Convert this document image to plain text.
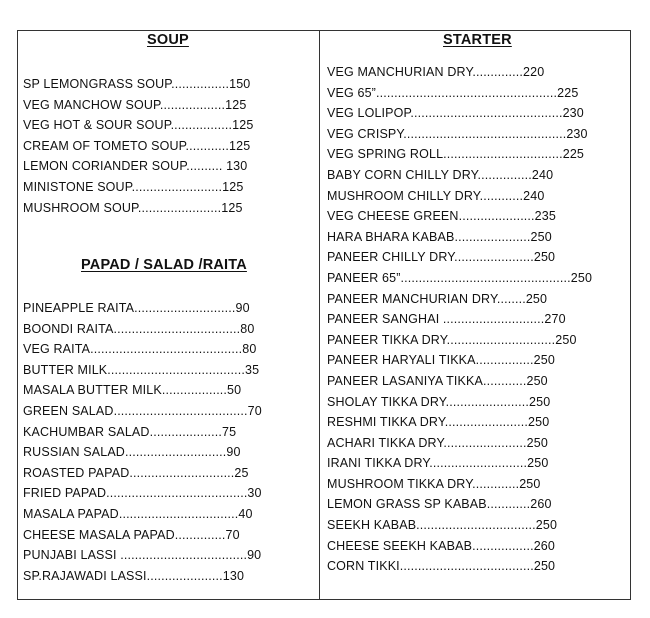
SOUP
SP LEMONGRASS SOUP................150
VEG MANCHOW SOUP..................125
VEG HOT & SOUR SOUP.................125
CREAM OF TOMETO SOUP............125
LEMON CORIANDER SOUP.......... 130
MINISTONE SOUP.........................125
MUSHROOM SOUP.......................125
PAPAD / SALAD /RAITA
PINEAPPLE RAITA............................90
BOONDI RAITA...................................80
VEG RAITA..........................................80
BUTTER MILK......................................35
MASALA BUTTER MILK..................50
GREEN SALAD.....................................70
KACHUMBAR SALAD....................75
RUSSIAN SALAD............................90
ROASTED PAPAD.............................25
FRIED PAPAD.......................................30
MASALA PAPAD.................................40
CHEESE MASALA PAPAD..............70
PUNJABI LASSI ...................................90
SP.RAJAWADI LASSI.....................130
STARTER
VEG MANCHURIAN DRY..............220
VEG 65”..................................................225
VEG LOLIPOP..........................................230
VEG CRISPY.............................................230
VEG SPRING ROLL.................................225
BABY CORN CHILLY DRY...............240
MUSHROOM CHILLY DRY............240
VEG CHEESE GREEN.....................235
HARA BHARA KABAB.....................250
PANEER CHILLY DRY......................250
PANEER 65”...............................................250
PANEER MANCHURIAN DRY........250
PANEER SANGHAI ............................270
PANEER TIKKA DRY..............................250
PANEER HARYALI TIKKA................250
PANEER LASANIYA TIKKA............250
SHOLAY TIKKA DRY.......................250
RESHMI TIKKA DRY.......................250
ACHARI TIKKA DRY.......................250
IRANI TIKKA DRY...........................250
MUSHROOM TIKKA DRY.............250
LEMON GRASS SP KABAB............260
SEEKH KABAB.................................250
CHEESE SEEKH KABAB.................260
CORN TIKKI.....................................250
